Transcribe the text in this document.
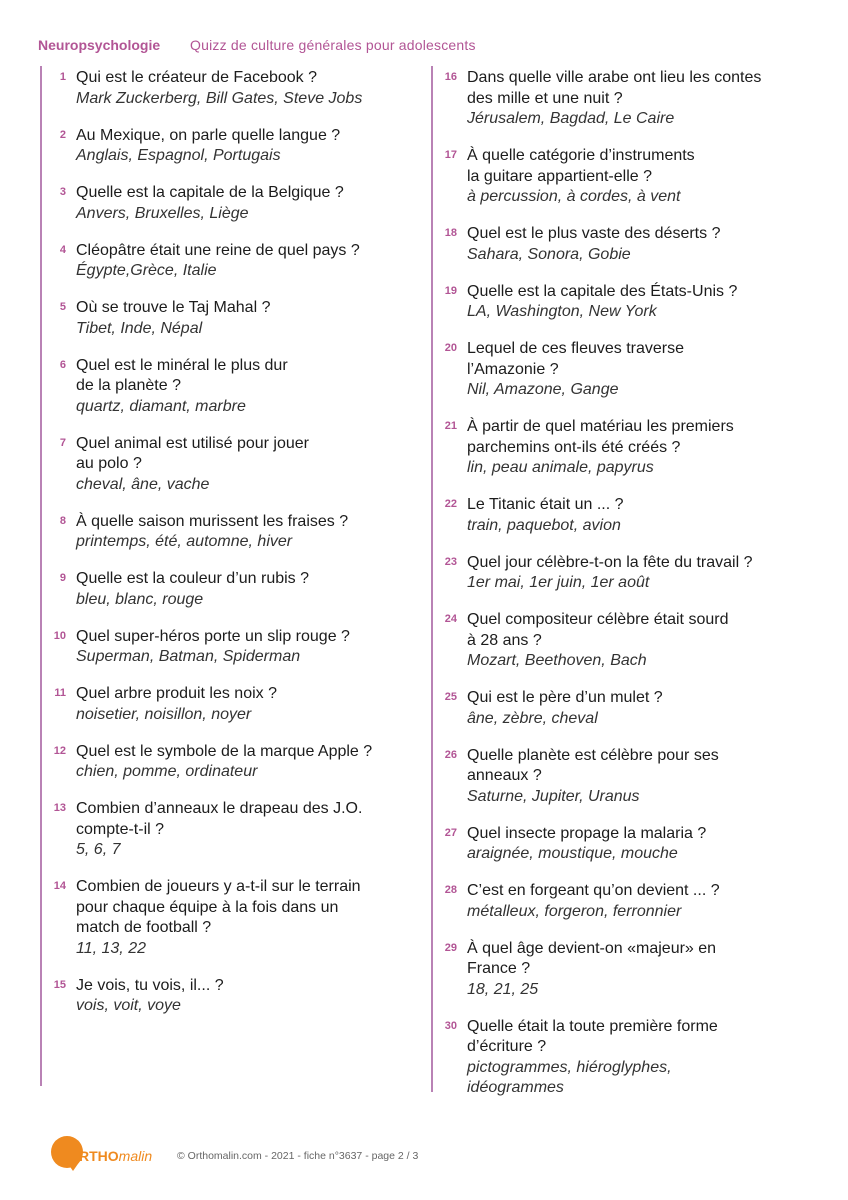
Neuropsychologie Quizz de culture générales pour adolescents
1 Qui est le créateur de Facebook ?
Mark Zuckerberg, Bill Gates, Steve Jobs
2 Au Mexique, on parle quelle langue ?
Anglais, Espagnol, Portugais
3 Quelle est la capitale de la Belgique ?
Anvers, Bruxelles, Liège
4 Cléopâtre était une reine de quel pays ?
Égypte,Grèce, Italie
5 Où se trouve le Taj Mahal ?
Tibet, Inde, Népal
6 Quel est le minéral le plus dur
de la planète ?
quartz, diamant, marbre
7 Quel animal est utilisé pour jouer
au polo ?
cheval, âne, vache
8 À quelle saison murissent les fraises ?
printemps, été, automne, hiver
9 Quelle est la couleur d’un rubis ?
bleu, blanc, rouge
10 Quel super-héros porte un slip rouge ?
Superman, Batman, Spiderman
11 Quel arbre produit les noix ?
noisetier, noisillon, noyer
12 Quel est le symbole de la marque Apple ?
chien, pomme, ordinateur
13 Combien d’anneaux le drapeau des J.O.
compte-t-il ?
5, 6, 7
14 Combien de joueurs y a-t-il sur le terrain
pour chaque équipe à la fois dans un
match de football ?
11, 13, 22
15 Je vois, tu vois, il... ?
vois, voit, voye
16 Dans quelle ville arabe ont lieu les contes
des mille et une nuit ?
Jérusalem, Bagdad, Le Caire
17 À quelle catégorie d’instruments
la guitare appartient-elle ?
à percussion, à cordes, à vent
18 Quel est le plus vaste des déserts ?
Sahara, Sonora, Gobie
19 Quelle est la capitale des États-Unis ?
LA, Washington, New York
20 Lequel de ces fleuves traverse
l’Amazonie ?
Nil, Amazone, Gange
21 À partir de quel matériau les premiers
parchemins ont-ils été créés ?
lin, peau animale, papyrus
22 Le Titanic était un ... ?
train, paquebot, avion
23 Quel jour célèbre-t-on la fête du travail ?
1er mai, 1er juin, 1er août
24 Quel compositeur célèbre était sourd
à 28 ans ?
Mozart, Beethoven, Bach
25 Qui est le père d’un mulet ?
âne, zèbre, cheval
26 Quelle planète est célèbre pour ses
anneaux ?
Saturne, Jupiter, Uranus
27 Quel insecte propage la malaria ?
araignée, moustique, mouche
28 C’est en forgeant qu’on devient ... ?
métalleux, forgeron, ferronnier
29 À quel âge devient-on «majeur» en
France ?
18, 21, 25
30 Quelle était la toute première forme
d’écriture ?
pictogrammes, hiéroglyphes,
idéogrammes
RTHOmalin © Orthomalin.com - 2021 - fiche n°3637 - page 2 / 3
